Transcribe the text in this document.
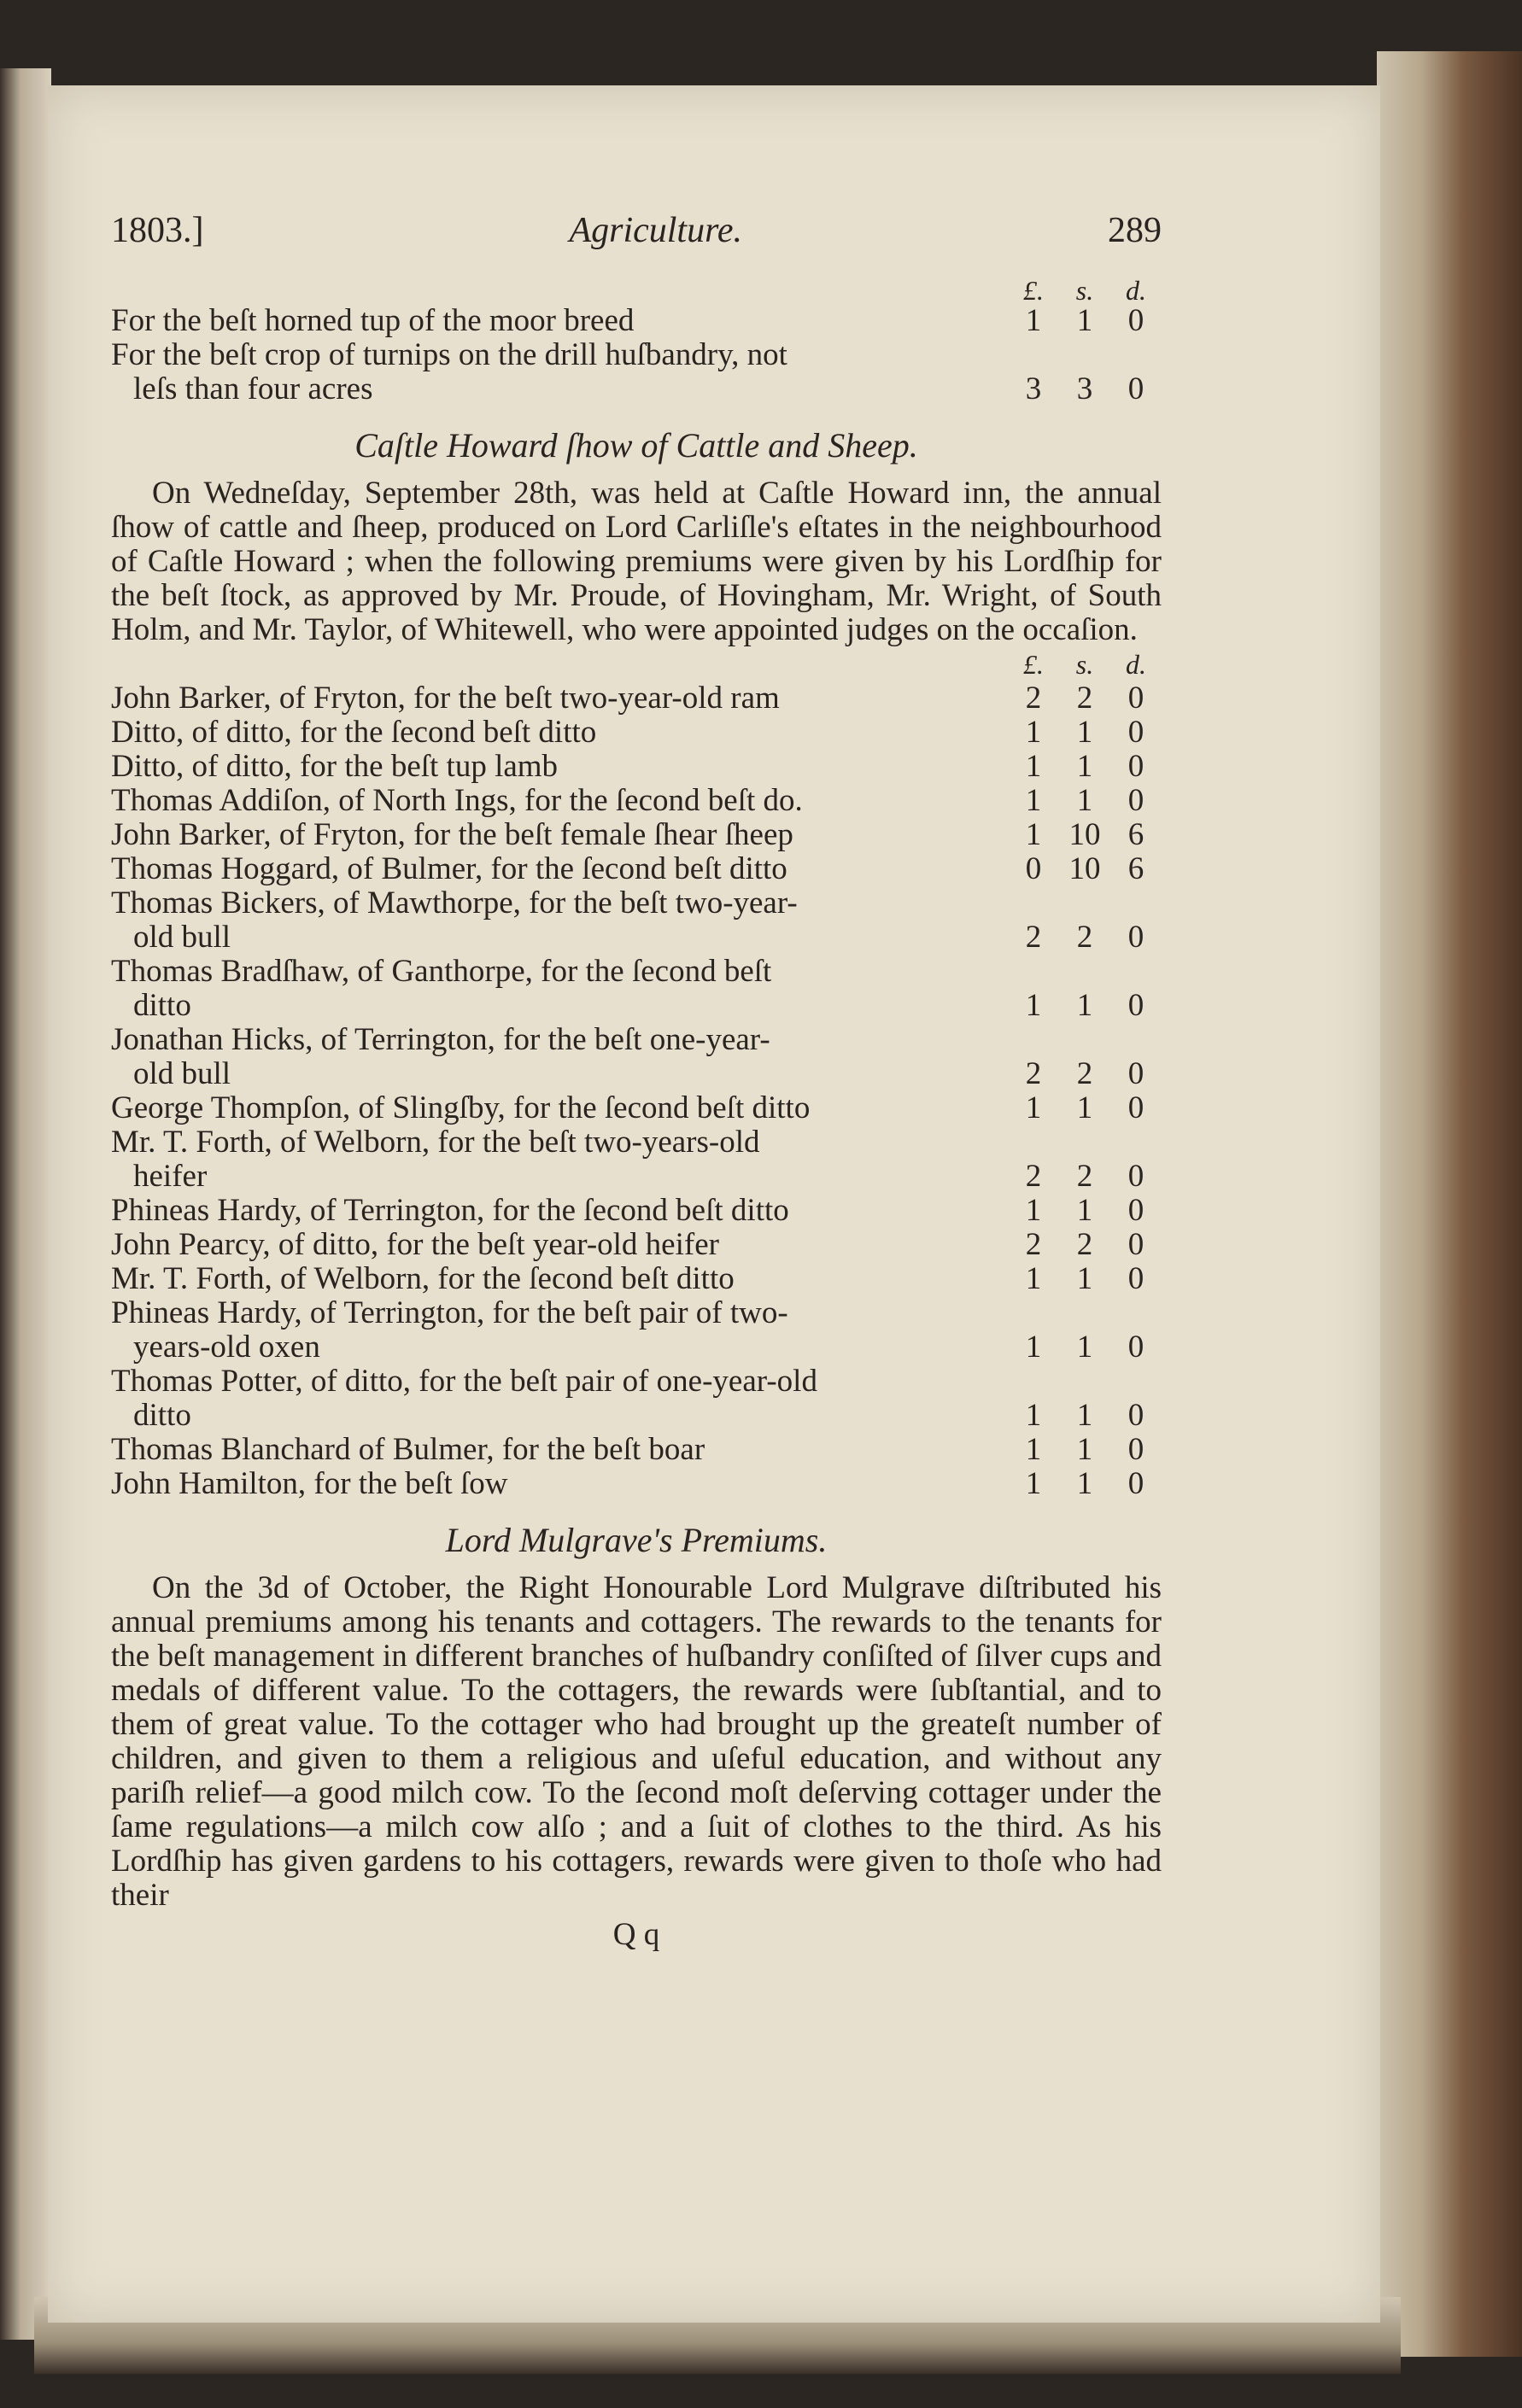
1803.]	Agriculture.	289
£.	s.	d.
For the beſt horned tup of the moor breed	1	1	0
For the beſt crop of turnips on the drill huſbandry, not
leſs than four acres	3	3	0
Caſtle Howard ſhow of Cattle and Sheep.
On Wedneſday, September 28th, was held at Caſtle Howard inn, the annual ſhow of cattle and ſheep, produced on Lord Carliſle's eſtates in the neighbourhood of Caſtle Howard ; when the following premiums were given by his Lordſhip for the beſt ſtock, as approved by Mr. Proude, of Hovingham, Mr. Wright, of South Holm, and Mr. Taylor, of Whitewell, who were appointed judges on the occaſion.
£.	s.	d.
John Barker, of Fryton, for the beſt two-year-old ram	2	2	0
Ditto, of ditto, for the ſecond beſt ditto	1	1	0
Ditto, of ditto, for the beſt tup lamb	1	1	0
Thomas Addiſon, of North Ings, for the ſecond beſt do.	1	1	0
John Barker, of Fryton, for the beſt female ſhear ſheep	1 10 6
Thomas Hoggard, of Bulmer, for the ſecond beſt ditto	0 10 6
Thomas Bickers, of Mawthorpe, for the beſt two-year-
old bull	2	2	0
Thomas Bradſhaw, of Ganthorpe, for the ſecond beſt
ditto	1	1	0
Jonathan Hicks, of Terrington, for the beſt one-year-
old bull	2	2	0
George Thompſon, of Slingſby, for the ſecond beſt ditto	1	1	0
Mr. T. Forth, of Welborn, for the beſt two-years-old
heifer	2	2	0
Phineas Hardy, of Terrington, for the ſecond beſt ditto	1	1	0
John Pearcy, of ditto, for the beſt year-old heifer	2	2	0
Mr. T. Forth, of Welborn, for the ſecond beſt ditto	1	1	0
Phineas Hardy, of Terrington, for the beſt pair of two-
years-old oxen	1	1	0
Thomas Potter, of ditto, for the beſt pair of one-year-old
ditto	1	1	0
Thomas Blanchard of Bulmer, for the beſt boar	1	1	0
John Hamilton, for the beſt ſow	1	1	0
Lord Mulgrave's Premiums.
On the 3d of October, the Right Honourable Lord Mulgrave diſtributed his annual premiums among his tenants and cottagers. The rewards to the tenants for the beſt management in different branches of huſbandry conſiſted of ſilver cups and medals of different value. To the cottagers, the rewards were ſubſtantial, and to them of great value. To the cottager who had brought up the greateſt number of children, and given to them a religious and uſeful education, and without any pariſh relief—a good milch cow. To the ſecond moſt deſerving cottager under the ſame regulations—a milch cow alſo ; and a ſuit of clothes to the third. As his Lordſhip has given gardens to his cottagers, rewards were given to thoſe who had their
Q q
